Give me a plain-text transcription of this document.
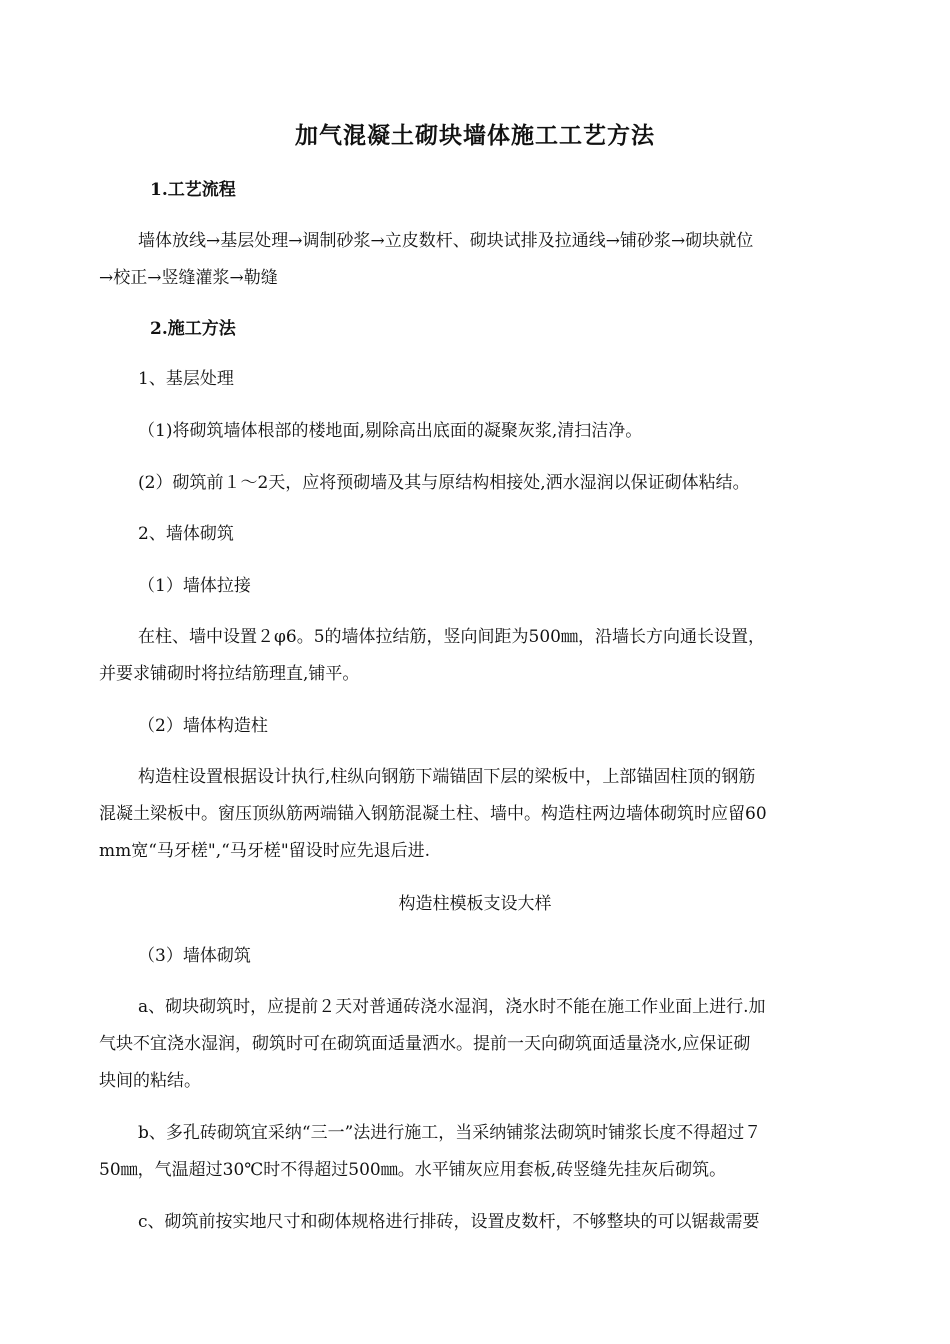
加气混凝土砌块墙体施工工艺方法
1.工艺流程
墙体放线→基层处理→调制砂浆→立皮数杆、砌块试排及拉通线→铺砂浆→砌块就位
→校正→竖缝灌浆→勒缝
2.施工方法
1、基层处理
（1)将砌筑墙体根部的楼地面,剔除高出底面的凝聚灰浆,清扫洁净。
(2）砌筑前１～2天，应将预砌墙及其与原结构相接处,洒水湿润以保证砌体粘结。
2、墙体砌筑
（1）墙体拉接
在柱、墙中设置２φ6。5的墙体拉结筋，竖向间距为500㎜，沿墙长方向通长设置，
并要求铺砌时将拉结筋理直,铺平。
（2）墙体构造柱
构造柱设置根据设计执行,柱纵向钢筋下端锚固下层的梁板中，上部锚固柱顶的钢筋
混凝土梁板中。窗压顶纵筋两端锚入钢筋混凝土柱、墙中。构造柱两边墙体砌筑时应留60
mm宽“马牙槎",“马牙槎"留设时应先退后进.
构造柱模板支设大样
（3）墙体砌筑
a、砌块砌筑时，应提前２天对普通砖浇水湿润，浇水时不能在施工作业面上进行.加
气块不宜浇水湿润，砌筑时可在砌筑面适量洒水。提前一天向砌筑面适量浇水,应保证砌
块间的粘结。
b、多孔砖砌筑宜采纳“三一”法进行施工，当采纳铺浆法砌筑时铺浆长度不得超过７
50㎜，气温超过30℃时不得超过500㎜。水平铺灰应用套板,砖竖缝先挂灰后砌筑。
c、砌筑前按实地尺寸和砌体规格进行排砖，设置皮数杆，不够整块的可以锯裁需要
